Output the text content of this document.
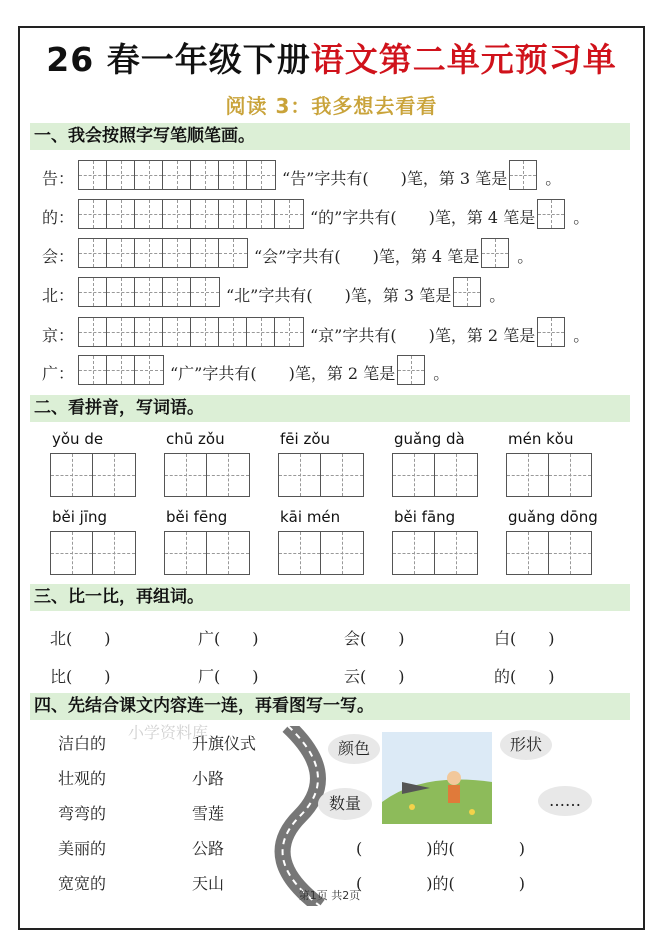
26 春一年级下册语文第二单元预习单
阅读 3：我多想去看看
一、我会按照字写笔顺笔画。
告：	“告”字共有(　　)笔，第 3 笔是 。
的：	“的”字共有(　　)笔，第 4 笔是 。
会：	“会”字共有(　　)笔，第 4 笔是 。
北：	“北”字共有(　　)笔，第 3 笔是 。
京：	“京”字共有(　　)笔，第 2 笔是 。
广：	“广”字共有(　　)笔，第 2 笔是 。
二、看拼音，写词语。
yǒu de	chū zǒu	fēi zǒu	guǎng dà	mén kǒu
běi jīng	běi fēng	kāi mén	běi fāng	guǎng dōng
三、比一比，再组词。
北(　　)	广(　　)	会(　　)	白(　　)
比(　　)	厂(　　)	云(　　)	的(　　)
四、先结合课文内容连一连，再看图写一写。
洁白的
壮观的
弯弯的
美丽的
宽宽的
升旗仪式
小路
雪莲
公路
天山
(　　　　)的(　　　　)
(　　　　)的(　　　　)
颜色	形状
数量	……
小学资料库
第1页 共2页
